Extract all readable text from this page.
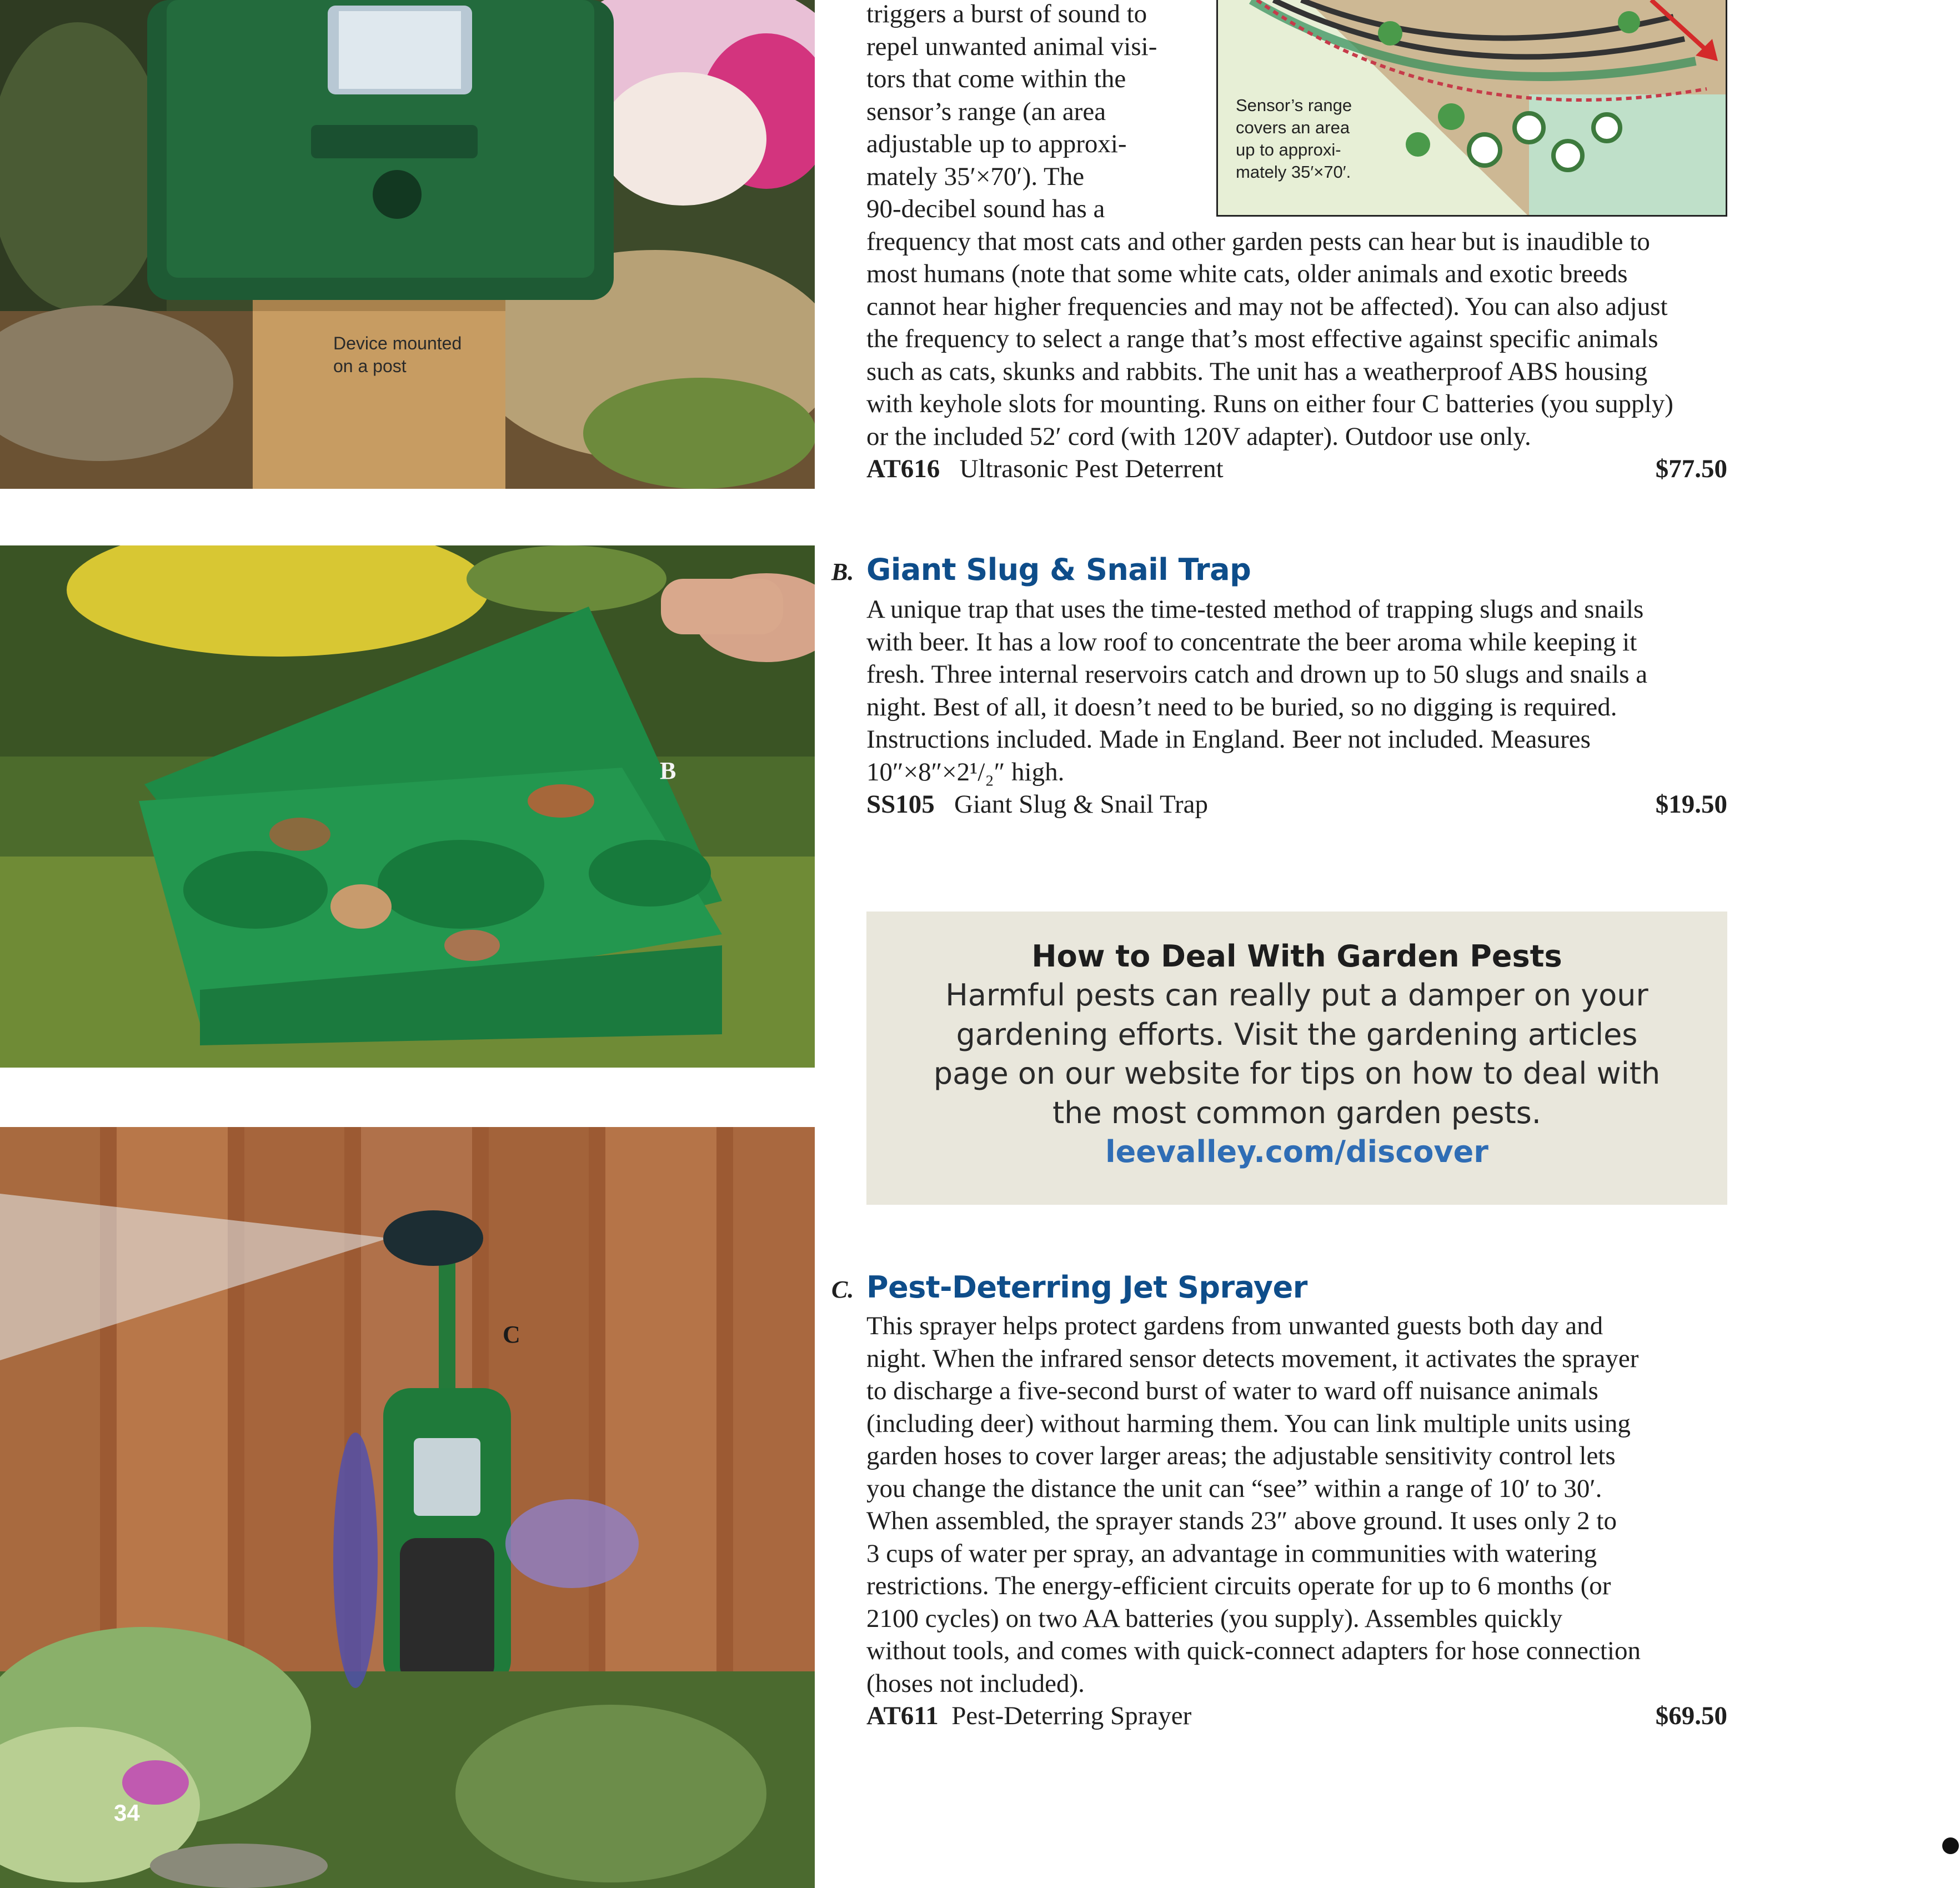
Device mounted
on a post
Sensor’s range
covers an area
up to approxi-
mately 35′×70′.
triggers a burst of sound to
repel unwanted animal visi-
tors that come within the
sensor’s range (an area
adjustable up to approxi-
mately 35′×70′). The
90-decibel sound has a
frequency that most cats and other garden pests can hear but is inaudible to
most humans (note that some white cats, older animals and exotic breeds
cannot hear higher frequencies and may not be affected). You can also adjust
the frequency to select a range that’s most effective against specific animals
such as cats, skunks and rabbits. The unit has a weatherproof ABS housing
with keyhole slots for mounting. Runs on either four C batteries (you supply)
or the included 52′ cord (with 120V adapter). Outdoor use only.
AT616 Ultrasonic Pest Deterrent	$77.50
B
B. Giant Slug & Snail Trap
A unique trap that uses the time-tested method of trapping slugs and snails
with beer. It has a low roof to concentrate the beer aroma while keeping it
fresh. Three internal reservoirs catch and drown up to 50 slugs and snails a
night. Best of all, it doesn’t need to be buried, so no digging is required.
Instructions included. Made in England. Beer not included. Measures
10″×8″×2¹/₂″ high.
SS105 Giant Slug & Snail Trap	$19.50
How to Deal With Garden Pests
Harmful pests can really put a damper on your gardening efforts. Visit the gardening articles page on our website for tips on how to deal with the most common garden pests.
leevalley.com/discover
C
C. Pest-Deterring Jet Sprayer
This sprayer helps protect gardens from unwanted guests both day and
night. When the infrared sensor detects movement, it activates the sprayer
to discharge a five-second burst of water to ward off nuisance animals
(including deer) without harming them. You can link multiple units using
garden hoses to cover larger areas; the adjustable sensitivity control lets
you change the distance the unit can “see” within a range of 10′ to 30′.
When assembled, the sprayer stands 23″ above ground. It uses only 2 to
3 cups of water per spray, an advantage in communities with watering
restrictions. The energy-efficient circuits operate for up to 6 months (or
2100 cycles) on two AA batteries (you supply). Assembles quickly
without tools, and comes with quick-connect adapters for hose connection
(hoses not included).
AT611 Pest-Deterring Sprayer	$69.50
34
